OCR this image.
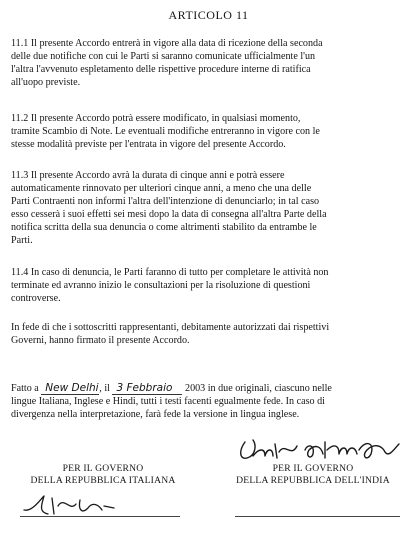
ARTICOLO 11

11.1 Il presente Accordo entrerà in vigore alla data di ricezione della seconda
delle due notifiche con cui le Parti si saranno comunicate ufficialmente l'un
l'altra l'avvenuto espletamento delle rispettive procedure interne di ratifica
all'uopo previste.

11.2 Il presente Accordo potrà essere modificato, in qualsiasi momento,
tramite Scambio di Note. Le eventuali modifiche entreranno in vigore con le
stesse modalità previste per l'entrata in vigore del presente Accordo.

11.3 Il presente Accordo avrà la durata di cinque anni e potrà essere
automaticamente rinnovato per ulteriori cinque anni, a meno che una delle
Parti Contraenti non informi l'altra dell'intenzione di denunciarlo; in tal caso
esso cesserà i suoi effetti sei mesi dopo la data di consegna all'altra Parte della
notifica scritta della sua denuncia o come altrimenti stabilito da entrambe le
Parti.

11.4 In caso di denuncia, le Parti faranno di tutto per completare le attività non
terminate ed avranno inizio le consultazioni per la risoluzione di questioni
controverse.

In fede di che i sottoscritti rappresentanti, debitamente autorizzati dai rispettivi
Governi, hanno firmato il presente Accordo.

Fatto a New Delhi, il 3 Febbraio 2003 in due originali, ciascuno nelle
lingue Italiana, Inglese e Hindi, tutti i testi facenti egualmente fede. In caso di
divergenza nella interpretazione, farà fede la versione in lingua inglese.

PER IL GOVERNO
DELLA REPUBBLICA ITALIANA
PER IL GOVERNO
DELLA REPUBBLICA DELL'INDIA
